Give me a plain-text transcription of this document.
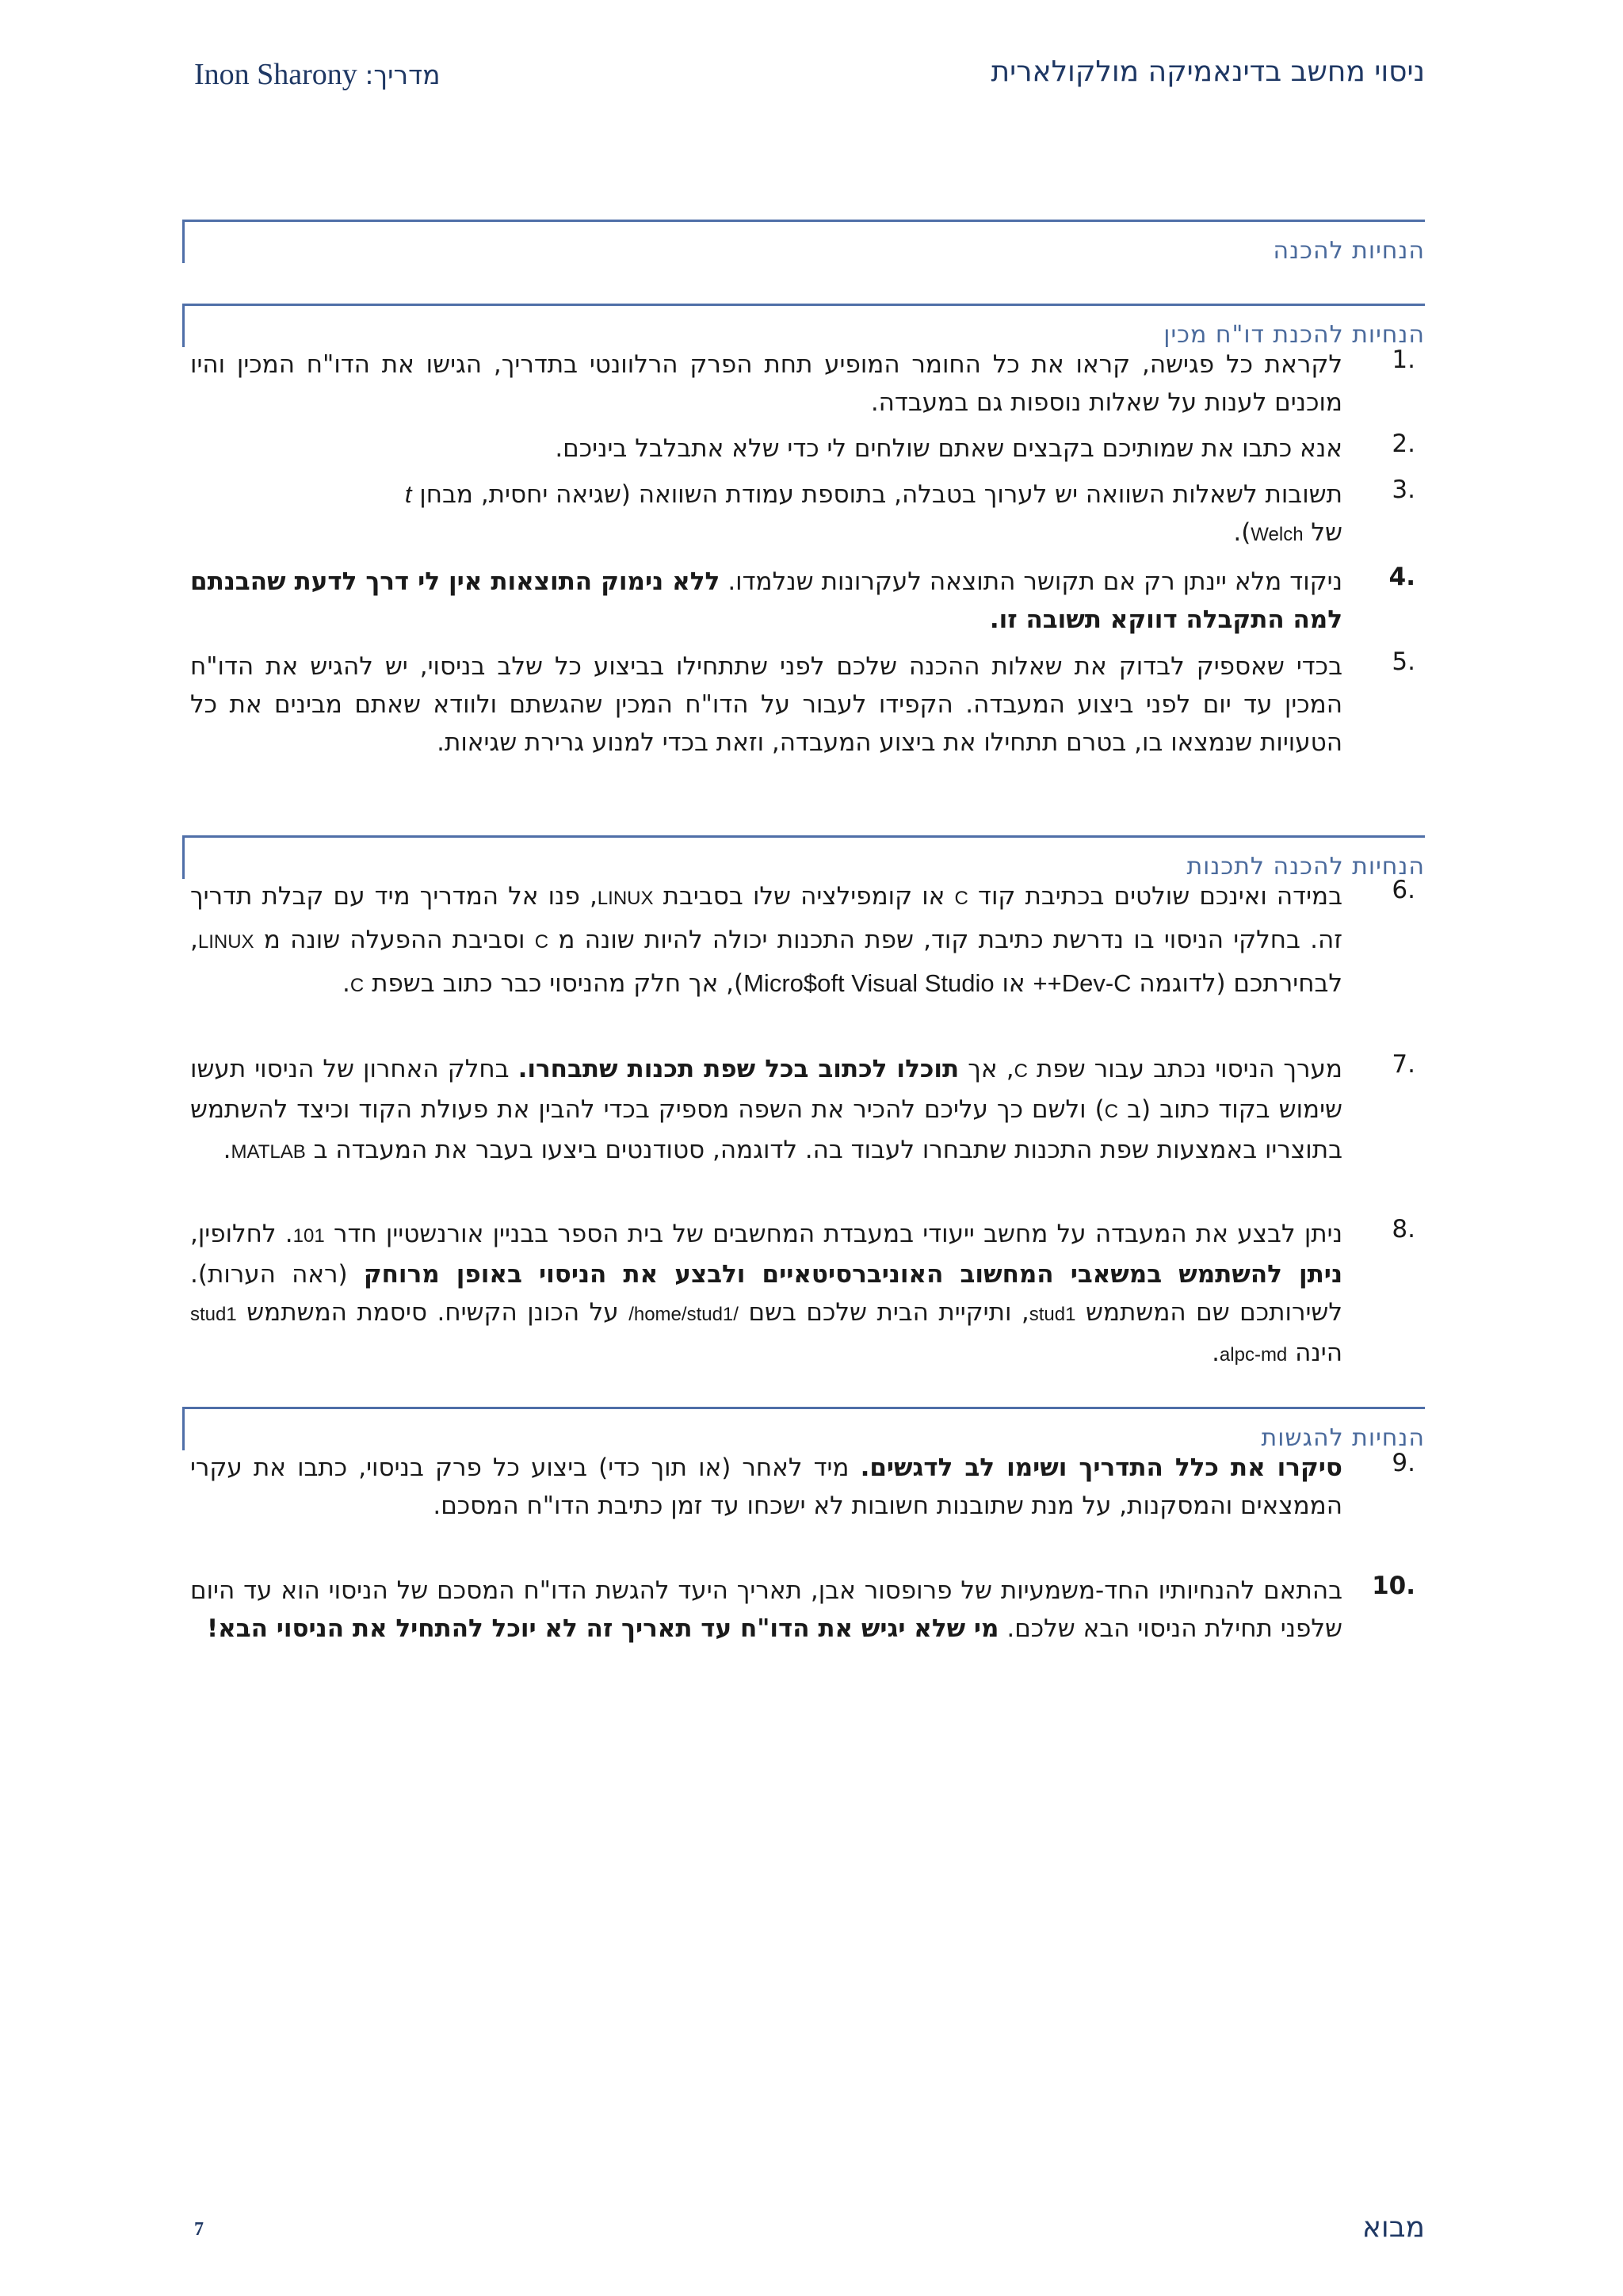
מדריך: Inon Sharony	ניסוי מחשב בדינאמיקה מולקולארית
הנחיות להכנה
הנחיות להכנת דו"ח מכין
1.
לקראת כל פגישה, קראו את כל החומר המופיע תחת הפרק הרלוונטי בתדריך, הגישו את הדו"ח המכין והיו מוכנים לענות על שאלות נוספות גם במעבדה.
2.
אנא כתבו את שמותיכם בקבצים שאתם שולחים לי כדי שלא אתבלבל ביניכם.
3.
תשובות לשאלות השוואה יש לערוך בטבלה, בתוספת עמודת השוואה (שגיאה יחסית, מבחן t
של Welch).
4.
ניקוד מלא יינתן רק אם תקושר התוצאה לעקרונות שנלמדו. ללא נימוק התוצאות אין לי דרך לדעת שהבנתם למה התקבלה דווקא תשובה זו.
5.
בכדי שאספיק לבדוק את שאלות ההכנה שלכם לפני שתתחילו בביצוע כל שלב בניסוי, יש להגיש את הדו"ח המכין עד יום לפני ביצוע המעבדה. הקפידו לעבור על הדו"ח המכין שהגשתם ולוודא שאתם מבינים את כל הטעויות שנמצאו בו, בטרם תתחילו את ביצוע המעבדה, וזאת בכדי למנוע גרירת שגיאות.
הנחיות להכנה לתכנות
6.
במידה ואינכם שולטים בכתיבת קוד C או קומפילציה שלו בסביבת LINUX, פנו אל המדריך מיד עם קבלת תדריך זה. בחלקי הניסוי בו נדרשת כתיבת קוד, שפת התכנות יכולה להיות שונה מ C וסביבת ההפעלה שונה מ LINUX, לבחירתכם (לדוגמה Dev-C++ או Micro$oft Visual Studio), אך חלק מהניסוי כבר כתוב בשפת C.
7.
מערך הניסוי נכתב עבור שפת C, אך תוכלו לכתוב בכל שפת תכנות שתבחרו. בחלק האחרון של הניסוי תעשו שימוש בקוד כתוב (ב C) ולשם כך עליכם להכיר את השפה מספיק בכדי להבין את פעולת הקוד וכיצד להשתמש בתוצריו באמצעות שפת התכנות שתבחרו לעבוד בה. לדוגמה, סטודנטים ביצעו בעבר את המעבדה ב MATLAB.
8.
ניתן לבצע את המעבדה על מחשב ייעודי במעבדת המחשבים של בית הספר בבניין אורנשטיין חדר 101. לחלופין, ניתן להשתמש במשאבי המחשוב האוניברסיטאיים ולבצע את הניסוי באופן מרוחק (ראה הערות). לשירותכם שם המשתמש stud1, ותיקיית הבית שלכם בשם /home/stud1/ על הכונן הקשיח. סיסמת המשתמש stud1 הינה alpc-md.
הנחיות להגשות
9.
סיקרו את כלל התדריך ושימו לב לדגשים. מיד לאחר (או תוך כדי) ביצוע כל פרק בניסוי, כתבו את עקרי הממצאים והמסקנות, על מנת שתובנות חשובות לא ישכחו עד זמן כתיבת הדו"ח המסכם.
10.
בהתאם להנחיותיו החד-משמעיות של פרופסור אבן, תאריך היעד להגשת הדו"ח המסכם של הניסוי הוא עד היום שלפני תחילת הניסוי הבא שלכם. מי שלא יגיש את הדו"ח עד תאריך זה לא יוכל להתחיל את הניסוי הבא!
7	מבוא
